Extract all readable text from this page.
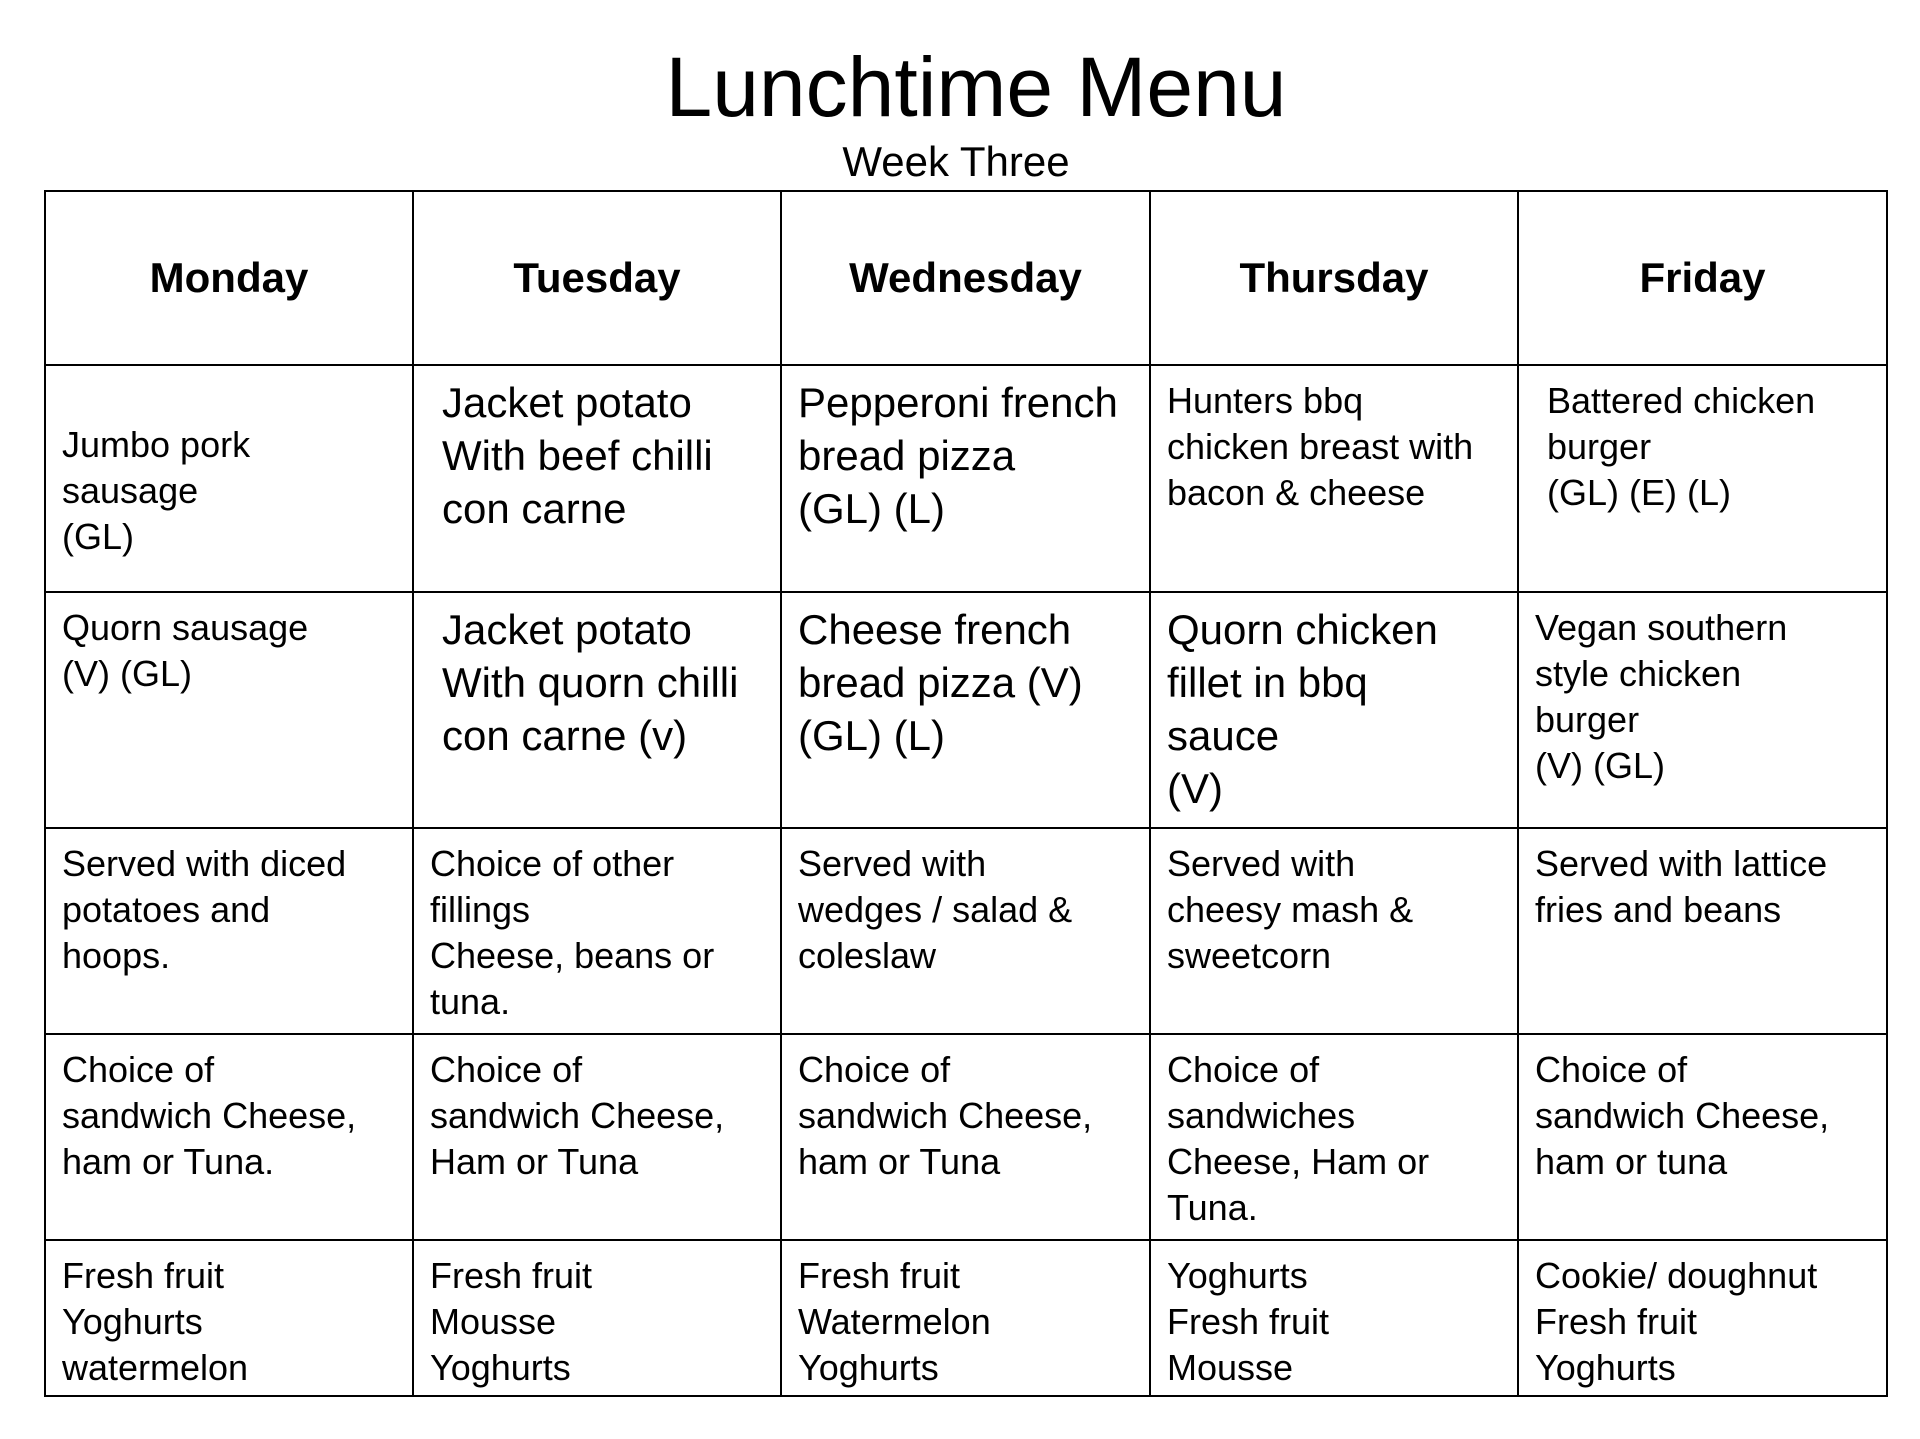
Lunchtime Menu
Week Three
Monday	Tuesday	Wednesday	Thursday	Friday

Jumbo pork
sausage
(GL)	Jacket potato
With beef chilli
con carne	Pepperoni french
bread pizza
(GL) (L)	Hunters bbq
chicken breast with
bacon & cheese	Battered chicken
burger
(GL) (E) (L)

Quorn sausage
(V) (GL)	Jacket potato
With quorn chilli
con carne (v)	Cheese french
bread pizza (V)
(GL) (L)	Quorn chicken
fillet in bbq
sauce
(V)	Vegan southern
style chicken
burger
(V) (GL)

Served with diced
potatoes and
hoops.	Choice of other
fillings
Cheese, beans or
tuna.	Served with
wedges / salad &
coleslaw	Served with
cheesy mash &
sweetcorn	Served with lattice
fries and beans

Choice of
sandwich Cheese,
ham or Tuna.	Choice of
sandwich Cheese,
Ham or Tuna	Choice of
sandwich Cheese,
ham or Tuna	Choice of
sandwiches
Cheese, Ham or
Tuna.	Choice of
sandwich Cheese,
ham or tuna

Fresh fruit
Yoghurts
watermelon	Fresh fruit
Mousse
Yoghurts	Fresh fruit
Watermelon
Yoghurts	Yoghurts
Fresh fruit
Mousse	Cookie/ doughnut
Fresh fruit
Yoghurts
